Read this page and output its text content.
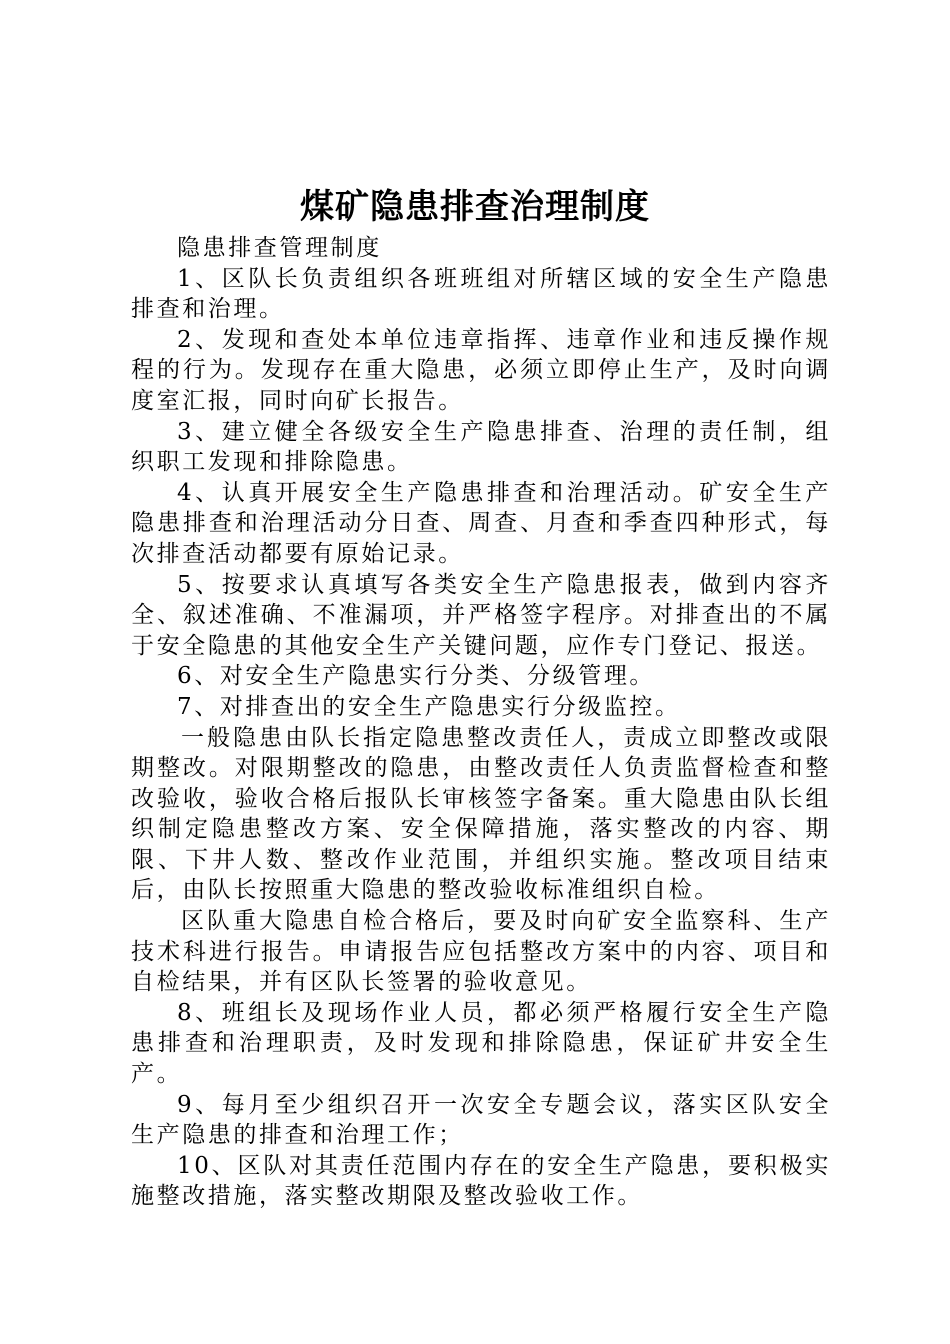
煤矿隐患排查治理制度

隐患排查管理制度

1、区队长负责组织各班班组对所辖区域的安全生产隐患排查和治理。

2、发现和查处本单位违章指挥、违章作业和违反操作规程的行为。发现存在重大隐患，必须立即停止生产，及时向调度室汇报，同时向矿长报告。

3、建立健全各级安全生产隐患排查、治理的责任制，组织职工发现和排除隐患。

4、认真开展安全生产隐患排查和治理活动。矿安全生产隐患排查和治理活动分日查、周查、月查和季查四种形式，每次排查活动都要有原始记录。

5、按要求认真填写各类安全生产隐患报表，做到内容齐全、叙述准确、不准漏项，并严格签字程序。对排查出的不属于安全隐患的其他安全生产关键问题，应作专门登记、报送。

6、对安全生产隐患实行分类、分级管理。

7、对排查出的安全生产隐患实行分级监控。

一般隐患由队长指定隐患整改责任人，责成立即整改或限期整改。对限期整改的隐患，由整改责任人负责监督检查和整改验收，验收合格后报队长审核签字备案。重大隐患由队长组织制定隐患整改方案、安全保障措施，落实整改的内容、期限、下井人数、整改作业范围，并组织实施。整改项目结束后，由队长按照重大隐患的整改验收标准组织自检。

区队重大隐患自检合格后，要及时向矿安全监察科、生产技术科进行报告。申请报告应包括整改方案中的内容、项目和自检结果，并有区队长签署的验收意见。

8、班组长及现场作业人员，都必须严格履行安全生产隐患排查和治理职责，及时发现和排除隐患，保证矿井安全生产。

9、每月至少组织召开一次安全专题会议，落实区队安全生产隐患的排查和治理工作；

10、区队对其责任范围内存在的安全生产隐患，要积极实施整改措施，落实整改期限及整改验收工作。
